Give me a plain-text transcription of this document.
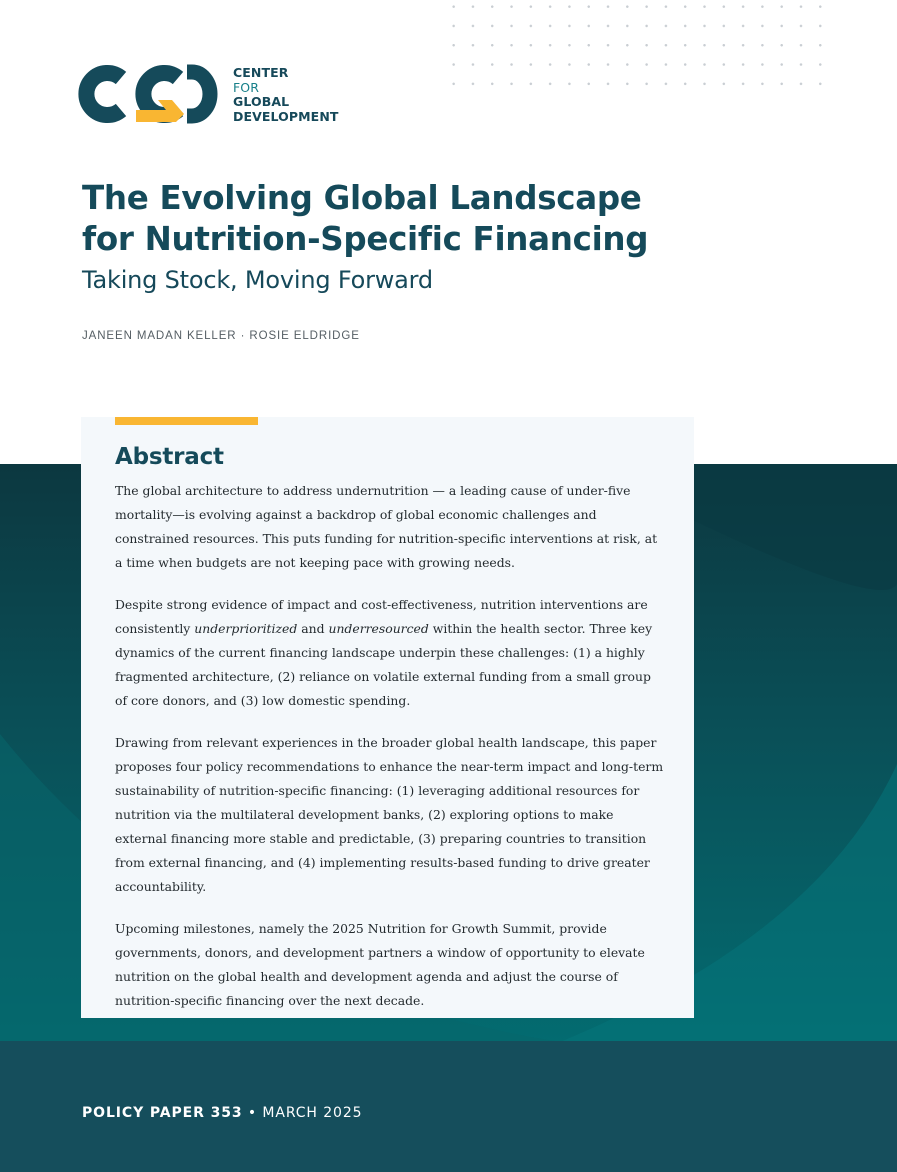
CENTER
FOR
GLOBAL
DEVELOPMENT
The Evolving Global Landscape
for Nutrition-Specific Financing
Taking Stock, Moving Forward
JANEEN MADAN KELLER · ROSIE ELDRIDGE
POLICY PAPER 353 • MARCH 2025
Abstract

The global architecture to address undernutrition — a leading cause of under-five mortality—is evolving against a backdrop of global economic challenges and constrained resources. This puts funding for nutrition-specific interventions at risk, at a time when budgets are not keeping pace with growing needs.

Despite strong evidence of impact and cost-effectiveness, nutrition interventions are consistently underprioritized and underresourced within the health sector. Three key dynamics of the current financing landscape underpin these challenges: (1) a highly fragmented architecture, (2) reliance on volatile external funding from a small group of core donors, and (3) low domestic spending.

Drawing from relevant experiences in the broader global health landscape, this paper proposes four policy recommendations to enhance the near-term impact and long-term sustainability of nutrition-specific financing: (1) leveraging additional resources for nutrition via the multilateral development banks, (2) exploring options to make external financing more stable and predictable, (3) preparing countries to transition from external financing, and (4) implementing results-based funding to drive greater accountability.

Upcoming milestones, namely the 2025 Nutrition for Growth Summit, provide governments, donors, and development partners a window of opportunity to elevate nutrition on the global health and development agenda and adjust the course of nutrition-specific financing over the next decade.
